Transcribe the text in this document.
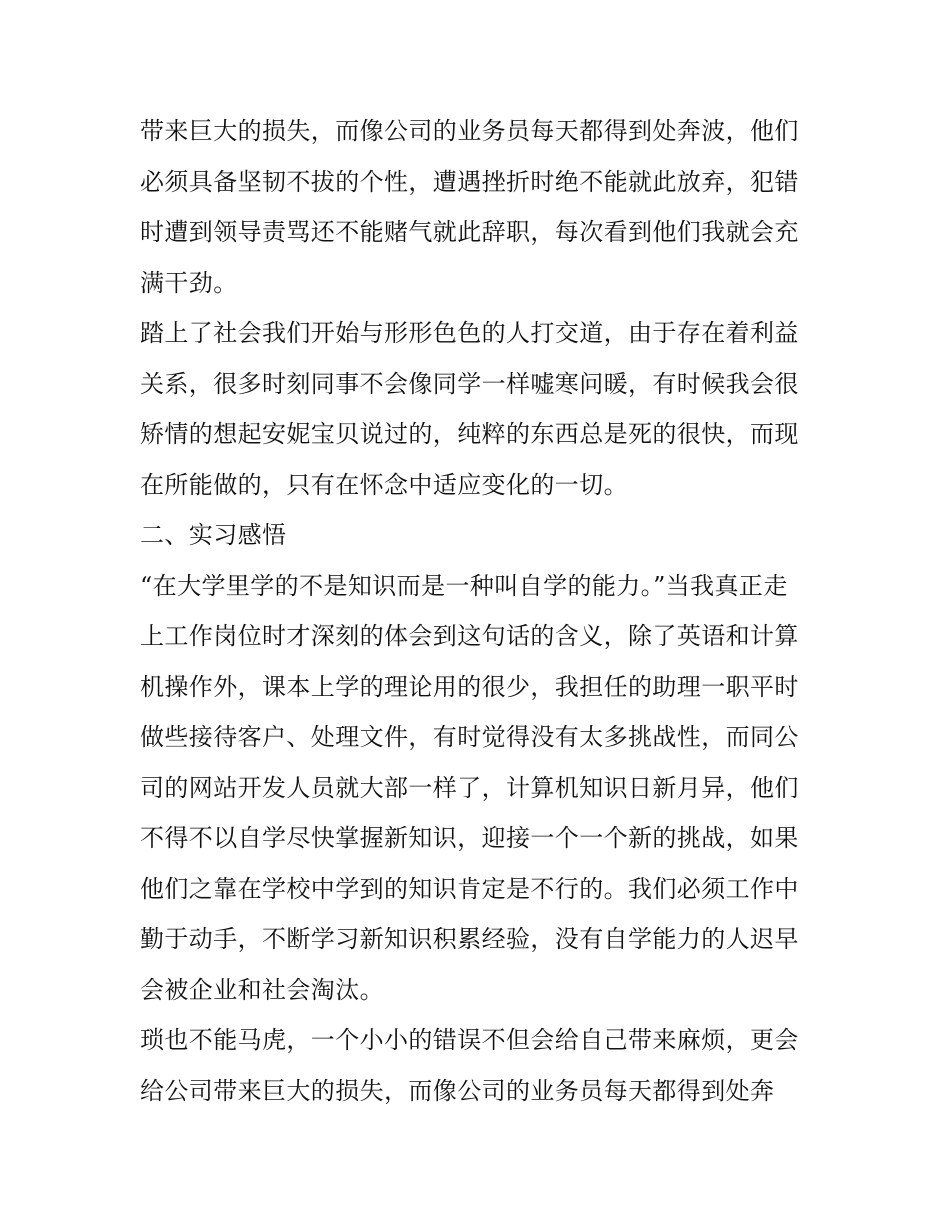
带来巨大的损失，而像公司的业务员每天都得到处奔波，他们
必须具备坚韧不拔的个性，遭遇挫折时绝不能就此放弃，犯错
时遭到领导责骂还不能赌气就此辞职，每次看到他们我就会充
满干劲。
踏上了社会我们开始与形形色色的人打交道，由于存在着利益
关系，很多时刻同事不会像同学一样嘘寒问暖，有时候我会很
矫情的想起安妮宝贝说过的，纯粹的东西总是死的很快，而现
在所能做的，只有在怀念中适应变化的一切。
二、实习感悟
“在大学里学的不是知识而是一种叫自学的能力。”当我真正走
上工作岗位时才深刻的体会到这句话的含义，除了英语和计算
机操作外，课本上学的理论用的很少，我担任的助理一职平时
做些接待客户、处理文件，有时觉得没有太多挑战性，而同公
司的网站开发人员就大部一样了，计算机知识日新月异，他们
不得不以自学尽快掌握新知识，迎接一个一个新的挑战，如果
他们之靠在学校中学到的知识肯定是不行的。我们必须工作中
勤于动手，不断学习新知识积累经验，没有自学能力的人迟早
会被企业和社会淘汰。
琐也不能马虎，一个小小的错误不但会给自己带来麻烦，更会
给公司带来巨大的损失，而像公司的业务员每天都得到处奔
